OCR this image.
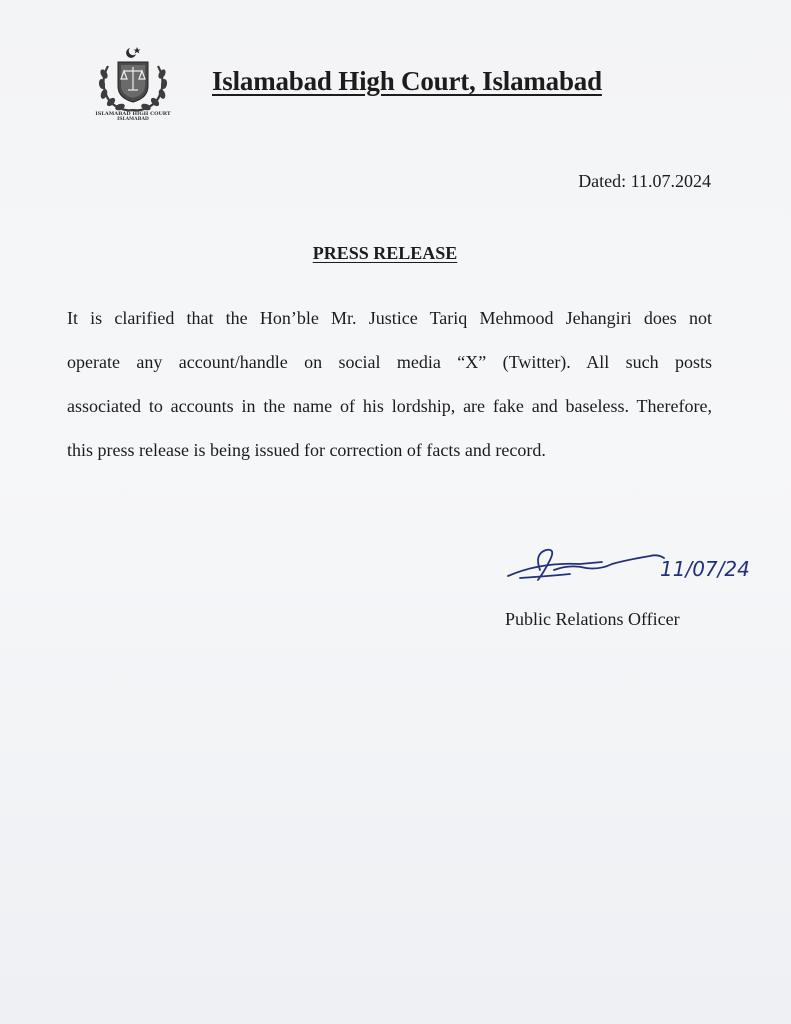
ISLAMABAD HIGH COURT
ISLAMABAD
Islamabad High Court, Islamabad
Dated: 11.07.2024
PRESS RELEASE
It is clarified that the Hon’ble Mr. Justice Tariq Mehmood Jehangiri does not
operate any account/handle on social media “X” (Twitter). All such posts
associated to accounts in the name of his lordship, are fake and baseless. Therefore,
this press release is being issued for correction of facts and record.
11/07/24
Public Relations Officer
